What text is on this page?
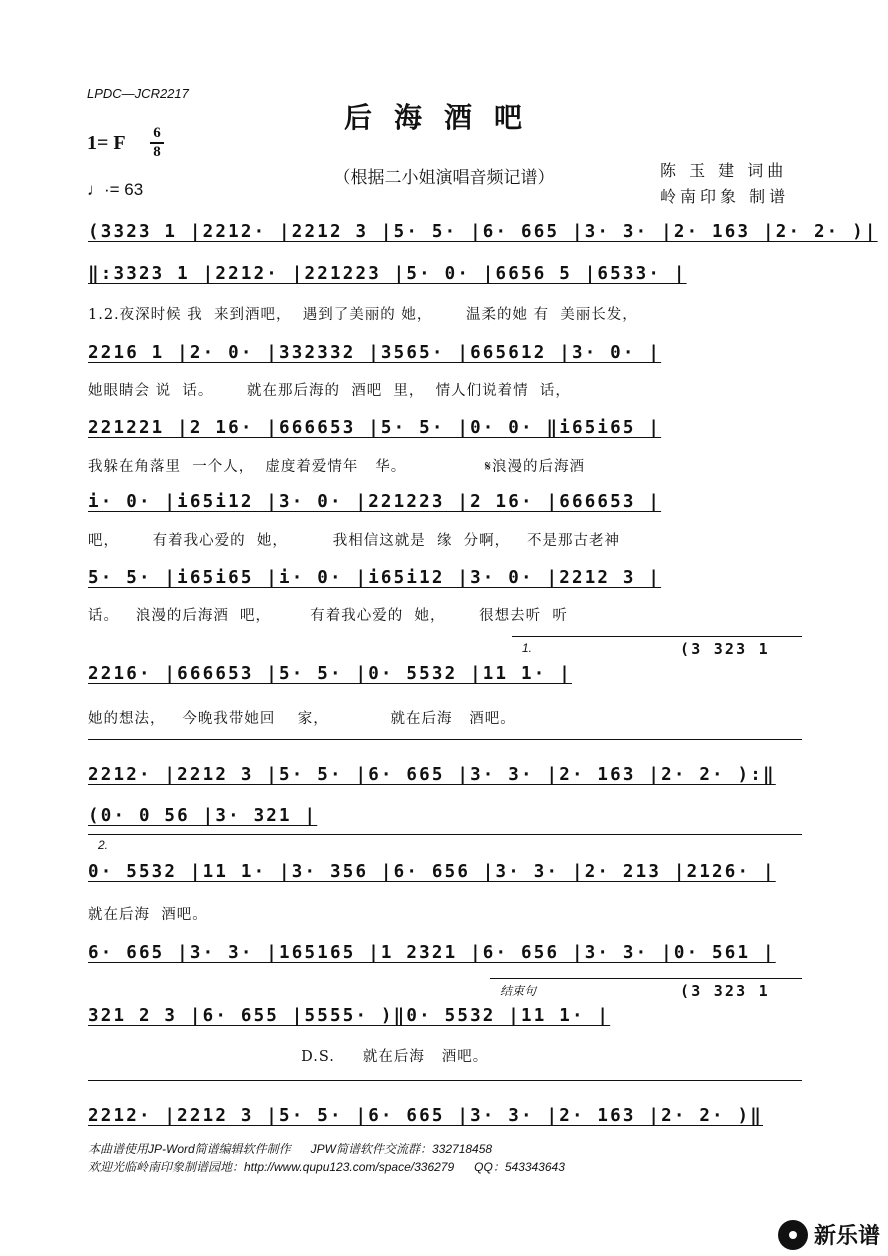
LPDC—JCR2217
后海酒吧
1= F 6
8
♩·= 63
（根据二小姐演唱音频记谱）	陈 玉 建 词曲
岭南印象 制谱
(3323 1 |2212· |2212 3 |5· 5· |6· 665 |3· 3· |2· 163 |2· 2· )|
‖:3323 1 |2212· |221223 |5· 0· |6656 5 |6533· |
1.2.夜深时候 我  来到酒吧，  遇到了美丽的 她，      温柔的她 有  美丽长发，
2216 1 |2· 0· |332332 |3565· |665612 |3· 0· |
她眼睛会 说  话。      就在那后海的  酒吧  里，  情人们说着情  话，
221221 |2 16· |666653 |5· 5· |0· 0· ‖i65i65 |
我躲在角落里  一个人，  虚度着爱情年   华。              𝄋浪漫的后海酒
i· 0· |i65i12 |3· 0· |221223 |2 16· |666653 |
吧，      有着我心爱的  她，        我相信这就是  缘  分啊，   不是那古老神
5· 5· |i65i65 |i· 0· |i65i12 |3· 0· |2212 3 |
话。   浪漫的后海酒  吧，       有着我心爱的  她，      很想去听  听
1.	(3 323 1
2216· |666653 |5· 5· |0· 5532 |11 1· |
她的想法，   今晚我带她回    家，           就在后海   酒吧。
2212· |2212 3 |5· 5· |6· 665 |3· 3· |2· 163 |2· 2· ):‖
(0· 0 56 |3· 321 |
2.
0· 5532 |11 1· |3· 356 |6· 656 |3· 3· |2· 213 |2126· |
就在后海  酒吧。
6· 665 |3· 3· |165165 |1 2321 |6· 656 |3· 3· |0· 561 |
结束句	(3 323 1
321 2 3 |6· 655 |5555· )‖0· 5532 |11 1· |
D.S.     就在后海   酒吧。
2212· |2212 3 |5· 5· |6· 665 |3· 3· |2· 163 |2· 2· )‖
本曲谱使用JP-Word简谱编辑软件制作      JPW简谱软件交流群：332718458
欢迎光临岭南印象制谱园地：http://www.qupu123.com/space/336279      QQ：543343643
新乐谱
